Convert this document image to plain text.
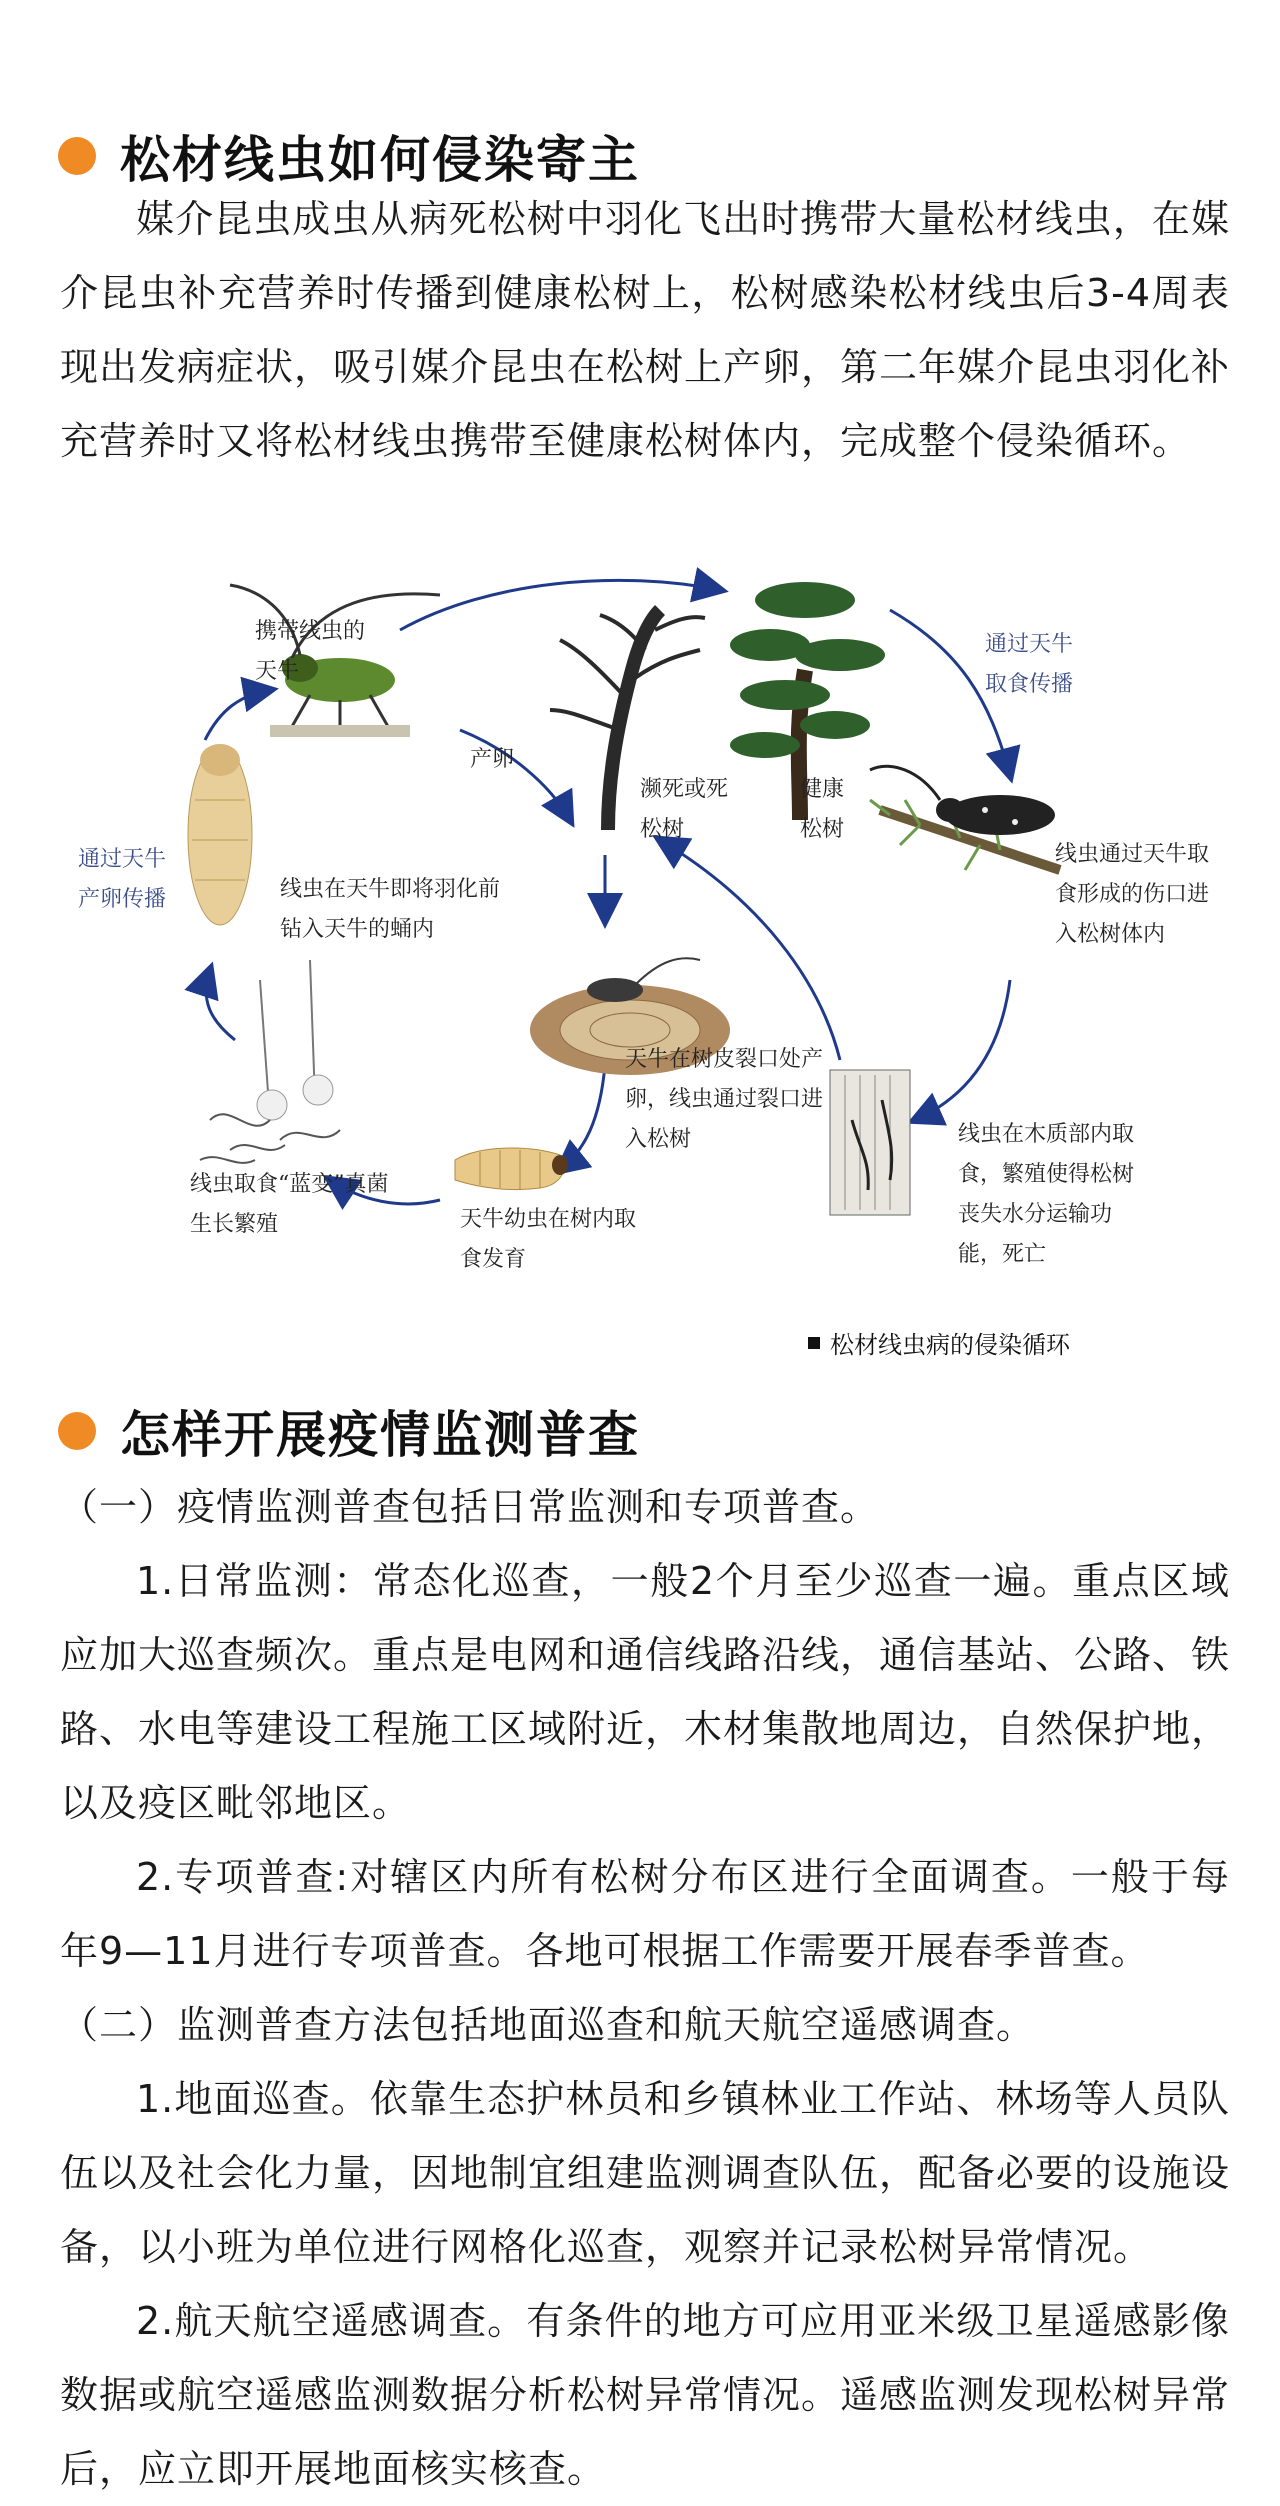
松材线虫如何侵染寄主

媒介昆虫成虫从病死松树中羽化飞出时携带大量松材线虫，在媒介昆虫补充营养时传播到健康松树上，松树感染松材线虫后3-4周表现出发病症状，吸引媒介昆虫在松树上产卵，第二年媒介昆虫羽化补充营养时又将松材线虫携带至健康松树体内，完成整个侵染循环。

携带线虫的天牛

产卵

濒死或死松树

健康松树

通过天牛取食传播

通过天牛产卵传播	线虫在天牛即将羽化前钻入天牛的蛹内

线虫通过天牛取食形成的伤口进入松树体内

天牛在树皮裂口处产卵，线虫通过裂口进入松树	线虫在木质部内取食，繁殖使得松树丧失水分运输功能，死亡

线虫取食“蓝变”真菌生长繁殖	天牛幼虫在树内取食发育

松材线虫病的侵染循环
怎样开展疫情监测普查

（一）疫情监测普查包括日常监测和专项普查。

1.日常监测：常态化巡查，一般2个月至少巡查一遍。重点区域应加大巡查频次。重点是电网和通信线路沿线，通信基站、公路、铁路、水电等建设工程施工区域附近，木材集散地周边，自然保护地，以及疫区毗邻地区。

2.专项普查:对辖区内所有松树分布区进行全面调查。一般于每年9—11月进行专项普查。各地可根据工作需要开展春季普查。

（二）监测普查方法包括地面巡查和航天航空遥感调查。

1.地面巡查。依靠生态护林员和乡镇林业工作站、林场等人员队伍以及社会化力量，因地制宜组建监测调查队伍，配备必要的设施设备，以小班为单位进行网格化巡查，观察并记录松树异常情况。

2.航天航空遥感调查。有条件的地方可应用亚米级卫星遥感影像数据或航空遥感监测数据分析松树异常情况。遥感监测发现松树异常后，应立即开展地面核实核查。
